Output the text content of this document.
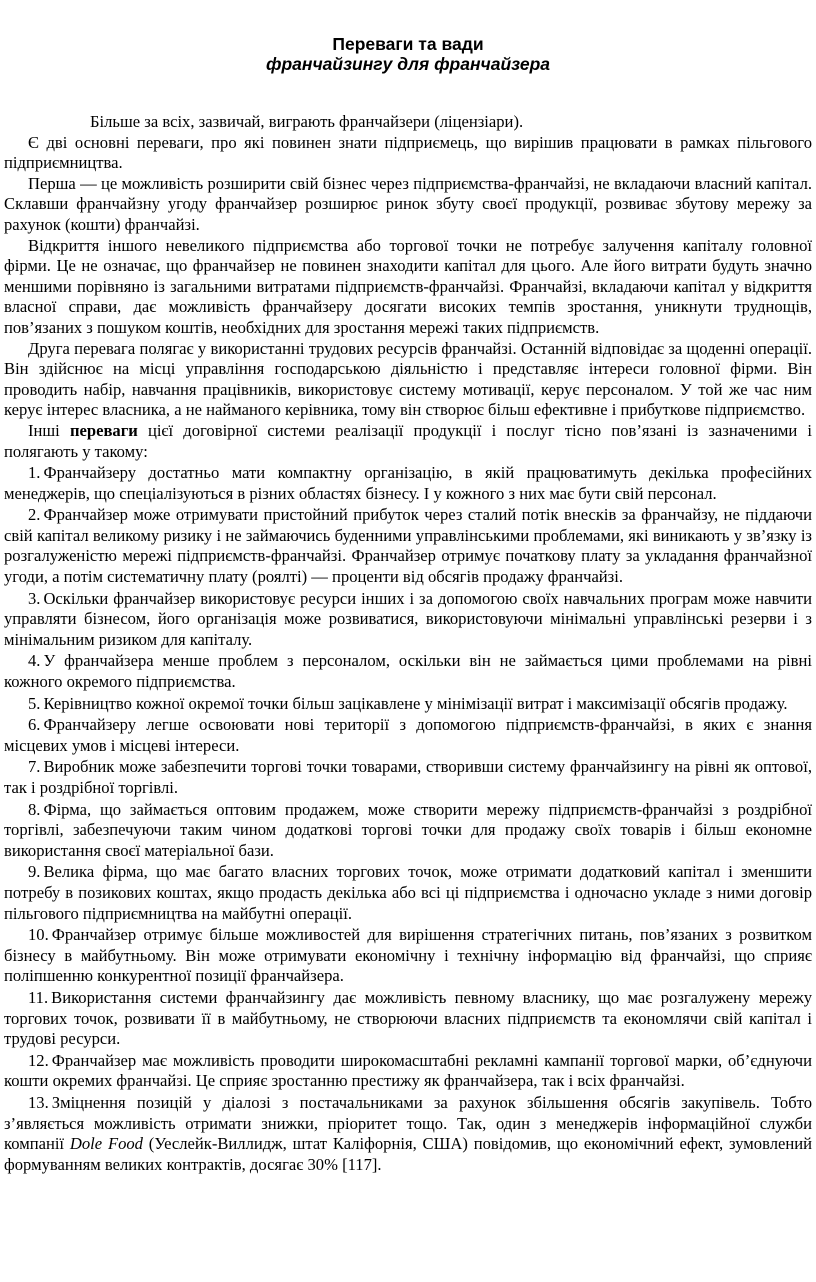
Переваги та вади
франчайзингу для франчайзера

Більше за всіх, зазвичай, виграють франчайзери (ліцензіари).

Є дві основні переваги, про які повинен знати підприємець, що вирішив працювати в рамках пільгового підприємництва.

Перша — це можливість розширити свій бізнес через підприємства-франчайзі, не вкладаючи власний капітал. Склавши франчайзну угоду франчайзер розширює ринок збуту своєї продукції, розвиває збутову мережу за рахунок (кошти) франчайзі.

Відкриття іншого невеликого підприємства або торгової точки не потребує залучення капіталу головної фірми. Це не означає, що франчайзер не повинен знаходити капітал для цього. Але його витрати будуть значно меншими порівняно із загальними витратами підприємств-франчайзі. Франчайзі, вкладаючи капітал у відкриття власної справи, дає можливість франчайзеру досягати високих темпів зростання, уникнути труднощів, пов’язаних з пошуком коштів, необхідних для зростання мережі таких підприємств.

Друга перевага полягає у використанні трудових ресурсів франчайзі. Останній відповідає за щоденні операції. Він здійснює на місці управління господарською діяльністю і представляє інтереси головної фірми. Він проводить набір, навчання працівників, використовує систему мотивації, керує персоналом. У той же час ним керує інтерес власника, а не найманого керівника, тому він створює більш ефективне і прибуткове підприємство.

Інші переваги цієї договірної системи реалізації продукції і послуг тісно пов’язані із зазначеними і полягають у такому:

1. Франчайзеру достатньо мати компактну організацію, в якій працюватимуть декілька професійних менеджерів, що спеціалізуються в різних областях бізнесу. І у кожного з них має бути свій персонал.

2. Франчайзер може отримувати пристойний прибуток через сталий потік внесків за франчайзу, не піддаючи свій капітал великому ризику і не займаючись буденними управлінськими проблемами, які виникають у зв’язку із розгалуженістю мережі підприємств-франчайзі. Франчайзер отримує початкову плату за укладання франчайзної угоди, а потім систематичну плату (роялті) — проценти від обсягів продажу франчайзі.

3. Оскільки франчайзер використовує ресурси інших і за допомогою своїх навчальних програм може навчити управляти бізнесом, його організація може розвиватися, використовуючи мінімальні управлінські резерви і з мінімальним ризиком для капіталу.

4. У франчайзера менше проблем з персоналом, оскільки він не займається цими проблемами на рівні кожного окремого підприємства.

5. Керівництво кожної окремої точки більш зацікавлене у мінімізації витрат і максимізації обсягів продажу.

6. Франчайзеру легше освоювати нові території з допомогою підприємств-франчайзі, в яких є знання місцевих умов і місцеві інтереси.

7. Виробник може забезпечити торгові точки товарами, створивши систему франчайзингу на рівні як оптової, так і роздрібної торгівлі.

8. Фірма, що займається оптовим продажем, може створити мережу підприємств-франчайзі з роздрібної торгівлі, забезпечуючи таким чином додаткові торгові точки для продажу своїх товарів і більш економне використання своєї матеріальної бази.

9. Велика фірма, що має багато власних торгових точок, може отримати додатковий капітал і зменшити потребу в позикових коштах, якщо продасть декілька або всі ці підприємства і одночасно укладе з ними договір пільгового підприємництва на майбутні операції.

10. Франчайзер отримує більше можливостей для вирішення стратегічних питань, пов’язаних з розвитком бізнесу в майбутньому. Він може отримувати економічну і технічну інформацію від франчайзі, що сприяє поліпшенню конкурентної позиції франчайзера.

11. Використання системи франчайзингу дає можливість певному власнику, що має розгалужену мережу торгових точок, розвивати її в майбутньому, не створюючи власних підприємств та економлячи свій капітал і трудові ресурси.

12. Франчайзер має можливість проводити широкомасштабні рекламні кампанії торгової марки, об’єднуючи кошти окремих франчайзі. Це сприяє зростанню престижу як франчайзера, так і всіх франчайзі.

13. Зміцнення позицій у діалозі з постачальниками за рахунок збільшення обсягів закупівель. Тобто з’являється можливість отримати знижки, пріоритет тощо. Так, один з менеджерів інформаційної служби компанії Dole Food (Уеслейк-Виллидж, штат Каліфорнія, США) повідомив, що економічний ефект, зумовлений формуванням великих контрактів, досягає 30% [117].
